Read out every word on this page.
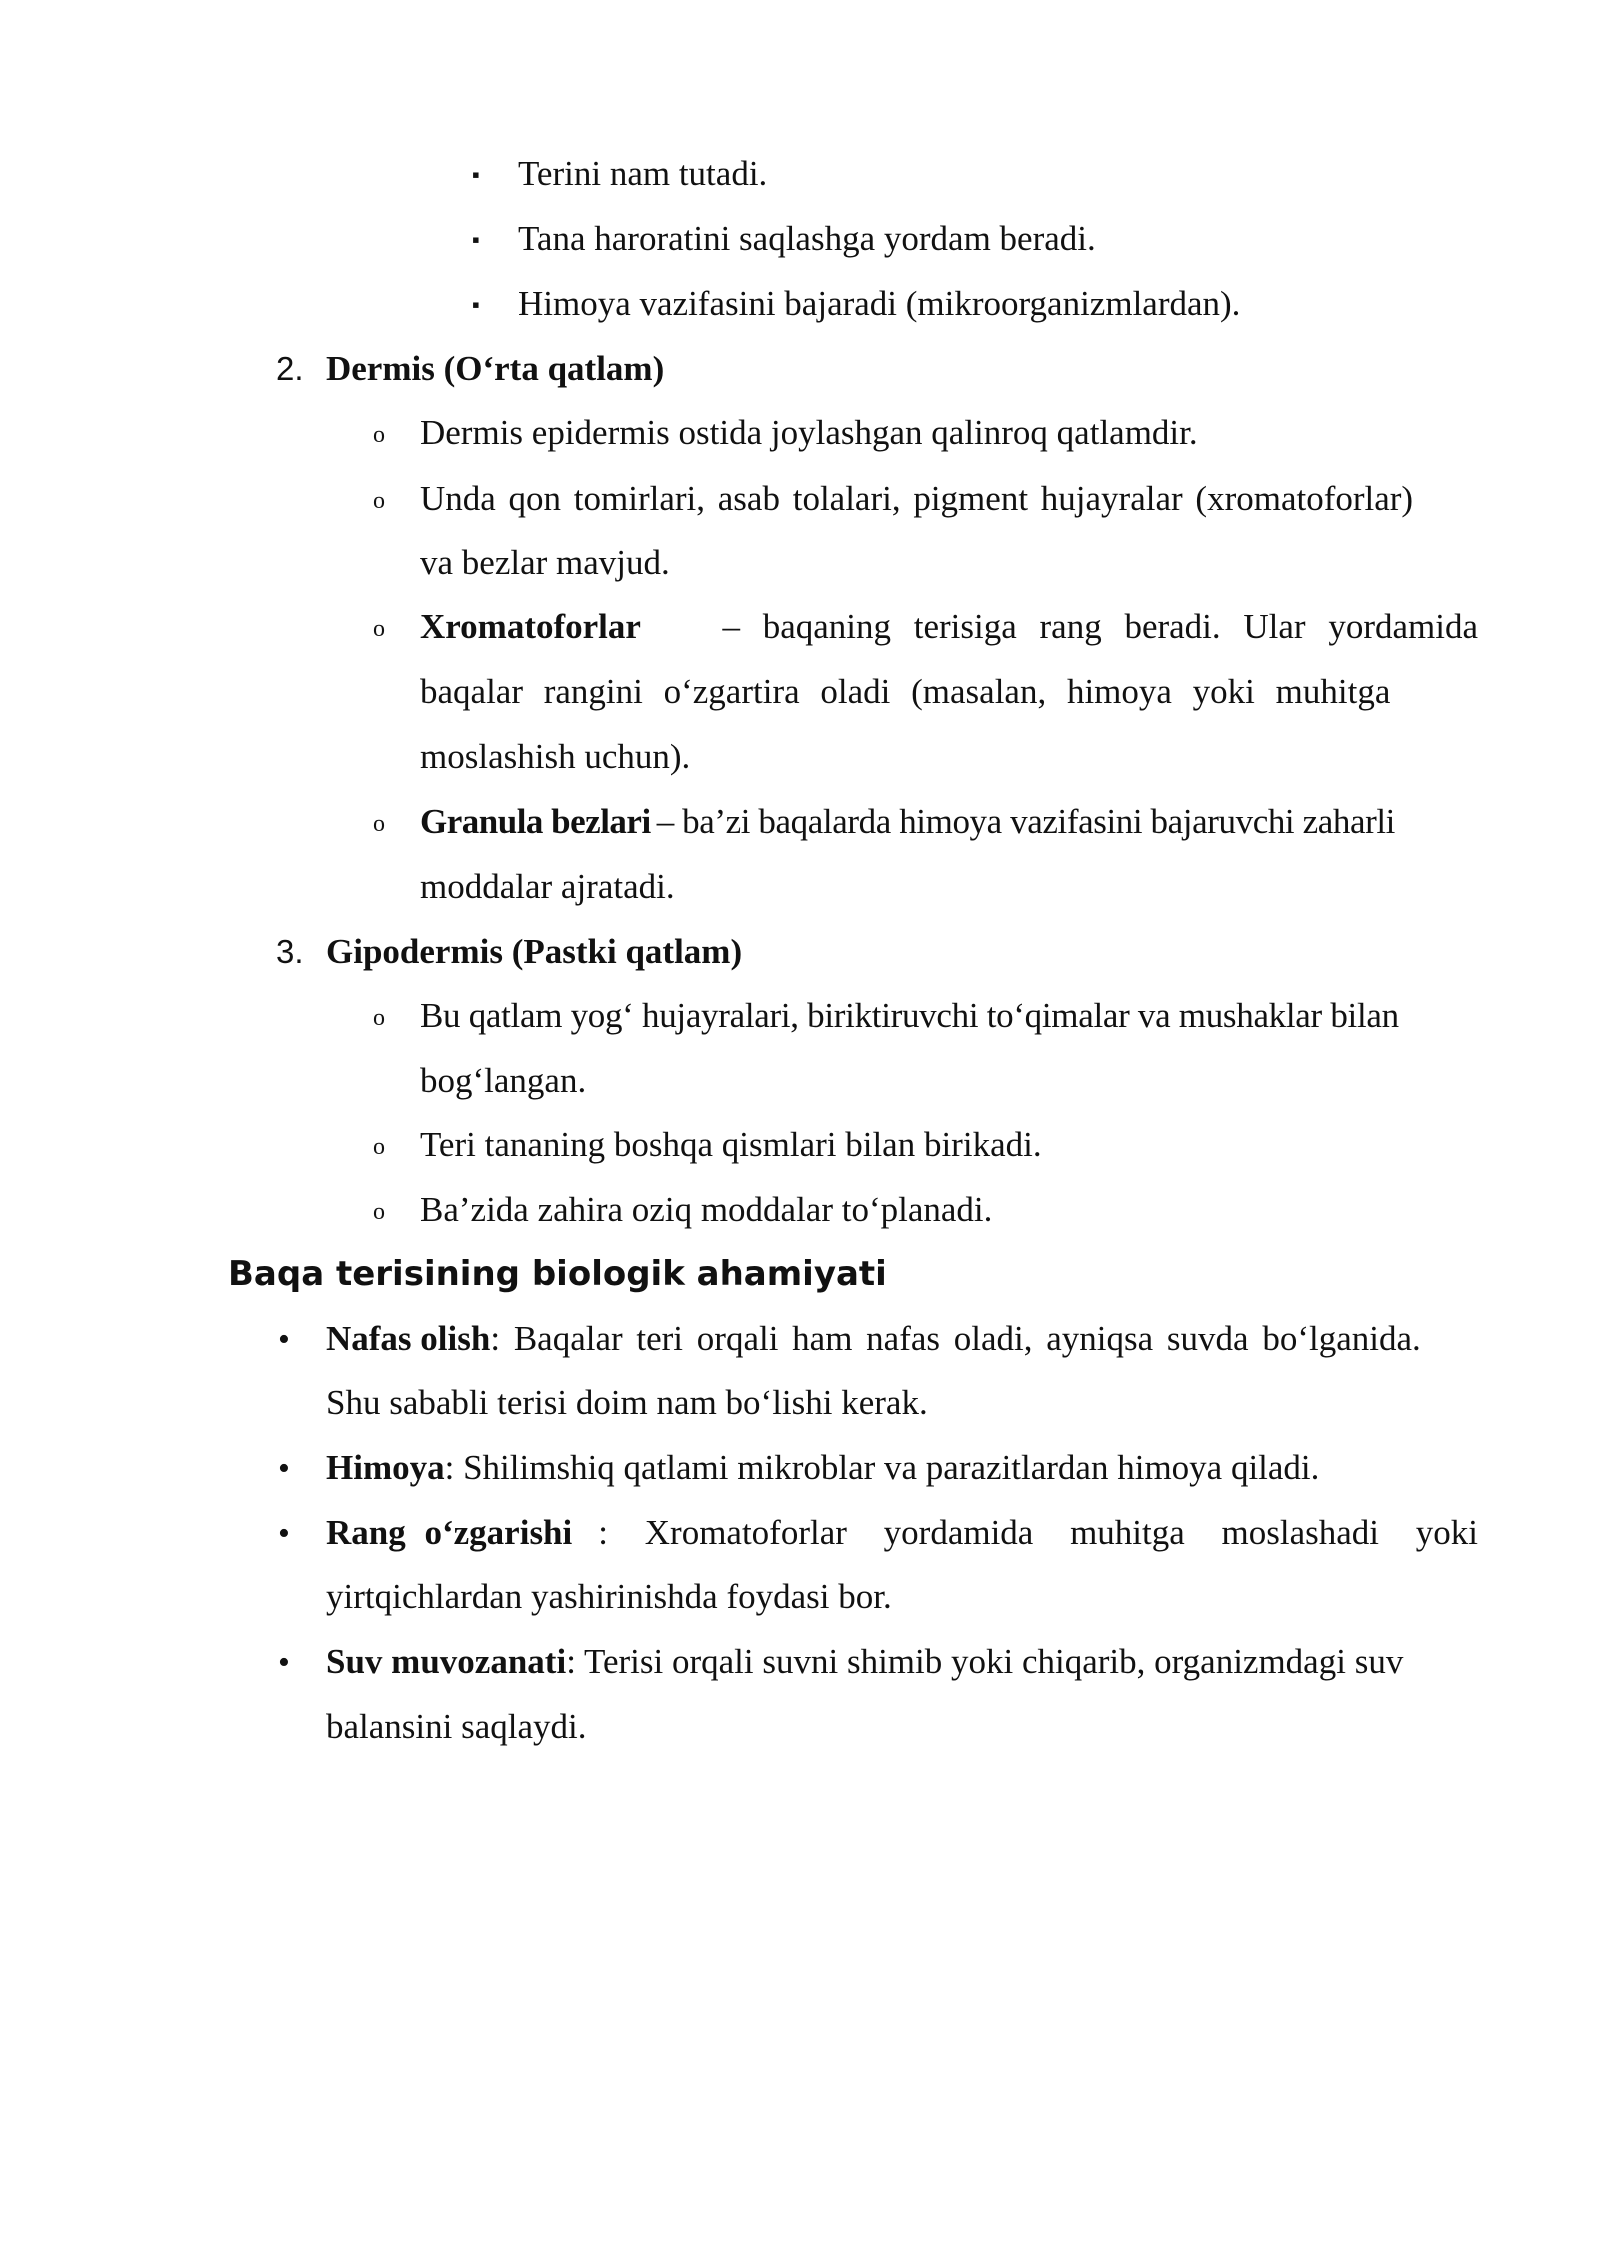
▪ Terini nam tutadi.
▪ Tana haroratini saqlashga yordam beradi.
▪ Himoya vazifasini bajaradi (mikroorganizmlardan).
2. Dermis (O‘rta qatlam)
o Dermis epidermis ostida joylashgan qalinroq qatlamdir.
o Unda qon tomirlari, asab tolalari, pigment hujayralar (xromatoforlar)
va bezlar mavjud.
o Xromatoforlar – baqaning terisiga rang beradi. Ular yordamida
baqalar rangini o‘zgartira oladi (masalan, himoya yoki muhitga
moslashish uchun).
o Granula bezlari – ba’zi baqalarda himoya vazifasini bajaruvchi zaharli
moddalar ajratadi.
3. Gipodermis (Pastki qatlam)
o Bu qatlam yog‘ hujayralari, biriktiruvchi to‘qimalar va mushaklar bilan
bog‘langan.
o Teri tananing boshqa qismlari bilan birikadi.
o Ba’zida zahira oziq moddalar to‘planadi.
Baqa terisining biologik ahamiyati
• Nafas olish: Baqalar teri orqali ham nafas oladi, ayniqsa suvda bo‘lganida.
Shu sababli terisi doim nam bo‘lishi kerak.
• Himoya: Shilimshiq qatlami mikroblar va parazitlardan himoya qiladi.
• Rang o‘zgarishi : Xromatoforlar yordamida muhitga moslashadi yoki
yirtqichlardan yashirinishda foydasi bor.
• Suv muvozanati: Terisi orqali suvni shimib yoki chiqarib, organizmdagi suv
balansini saqlaydi.
